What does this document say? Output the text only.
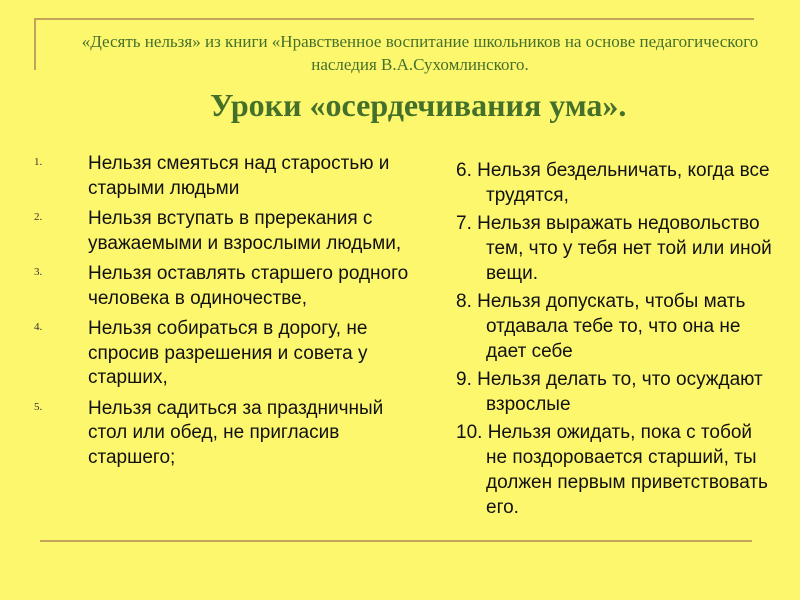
«Десять нельзя» из книги «Нравственное воспитание школьников на основе педагогического наследия В.А.Сухомлинского.

Уроки «осердечивания ума».
1. Нельзя смеяться над старостью и старыми людьми
2. Нельзя вступать в пререкания с уважаемыми и взрослыми людьми,
3. Нельзя оставлять старшего родного человека в одиночестве,
4. Нельзя собираться в дорогу, не спросив разрешения и совета у старших,
5. Нельзя садиться за праздничный стол или обед, не пригласив старшего;
6. Нельзя бездельничать, когда все трудятся,
7. Нельзя выражать недовольство тем, что у тебя нет той или иной вещи.
8. Нельзя допускать, чтобы мать отдавала тебе то, что она не дает себе
9. Нельзя делать то, что осуждают взрослые
10. Нельзя ожидать, пока с тобой не поздоровается старший, ты должен первым приветствовать его.
